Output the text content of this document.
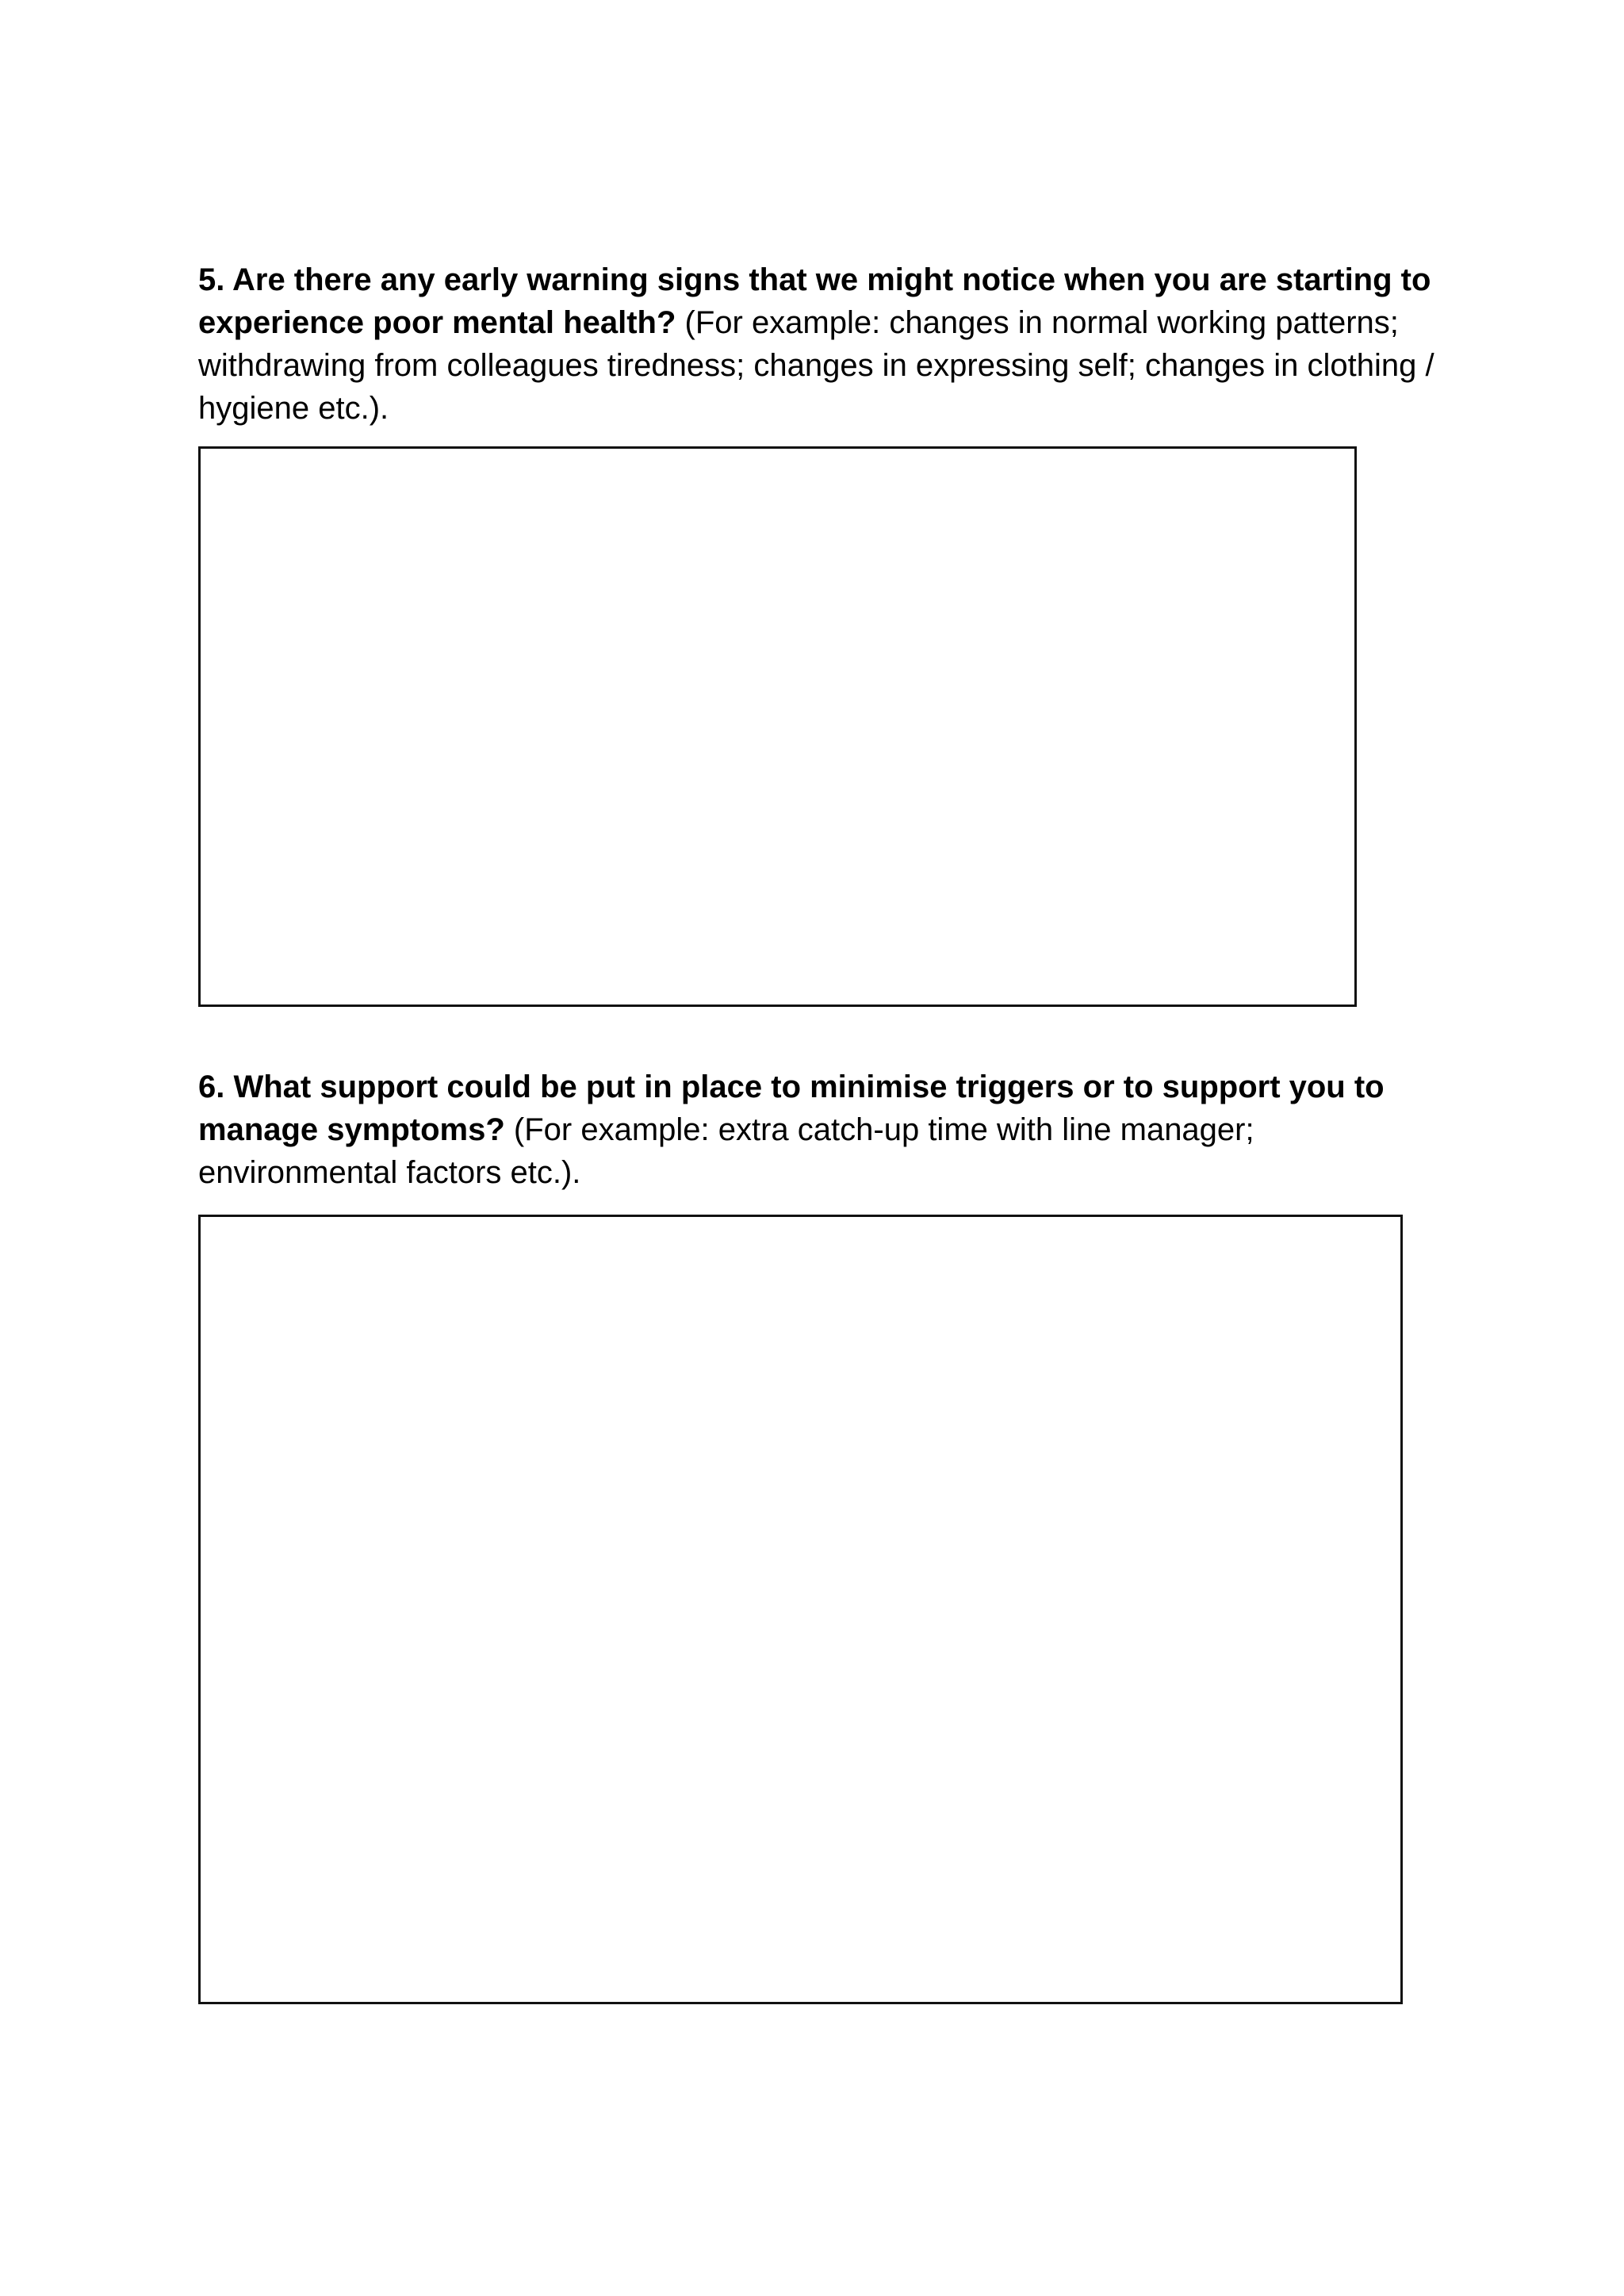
5. Are there any early warning signs that we might notice when you are starting to experience poor mental health? (For example: changes in normal working patterns; withdrawing from colleagues tiredness; changes in expressing self; changes in clothing / hygiene etc.).

6. What support could be put in place to minimise triggers or to support you to manage symptoms? (For example: extra catch-up time with line manager; environmental factors etc.).
